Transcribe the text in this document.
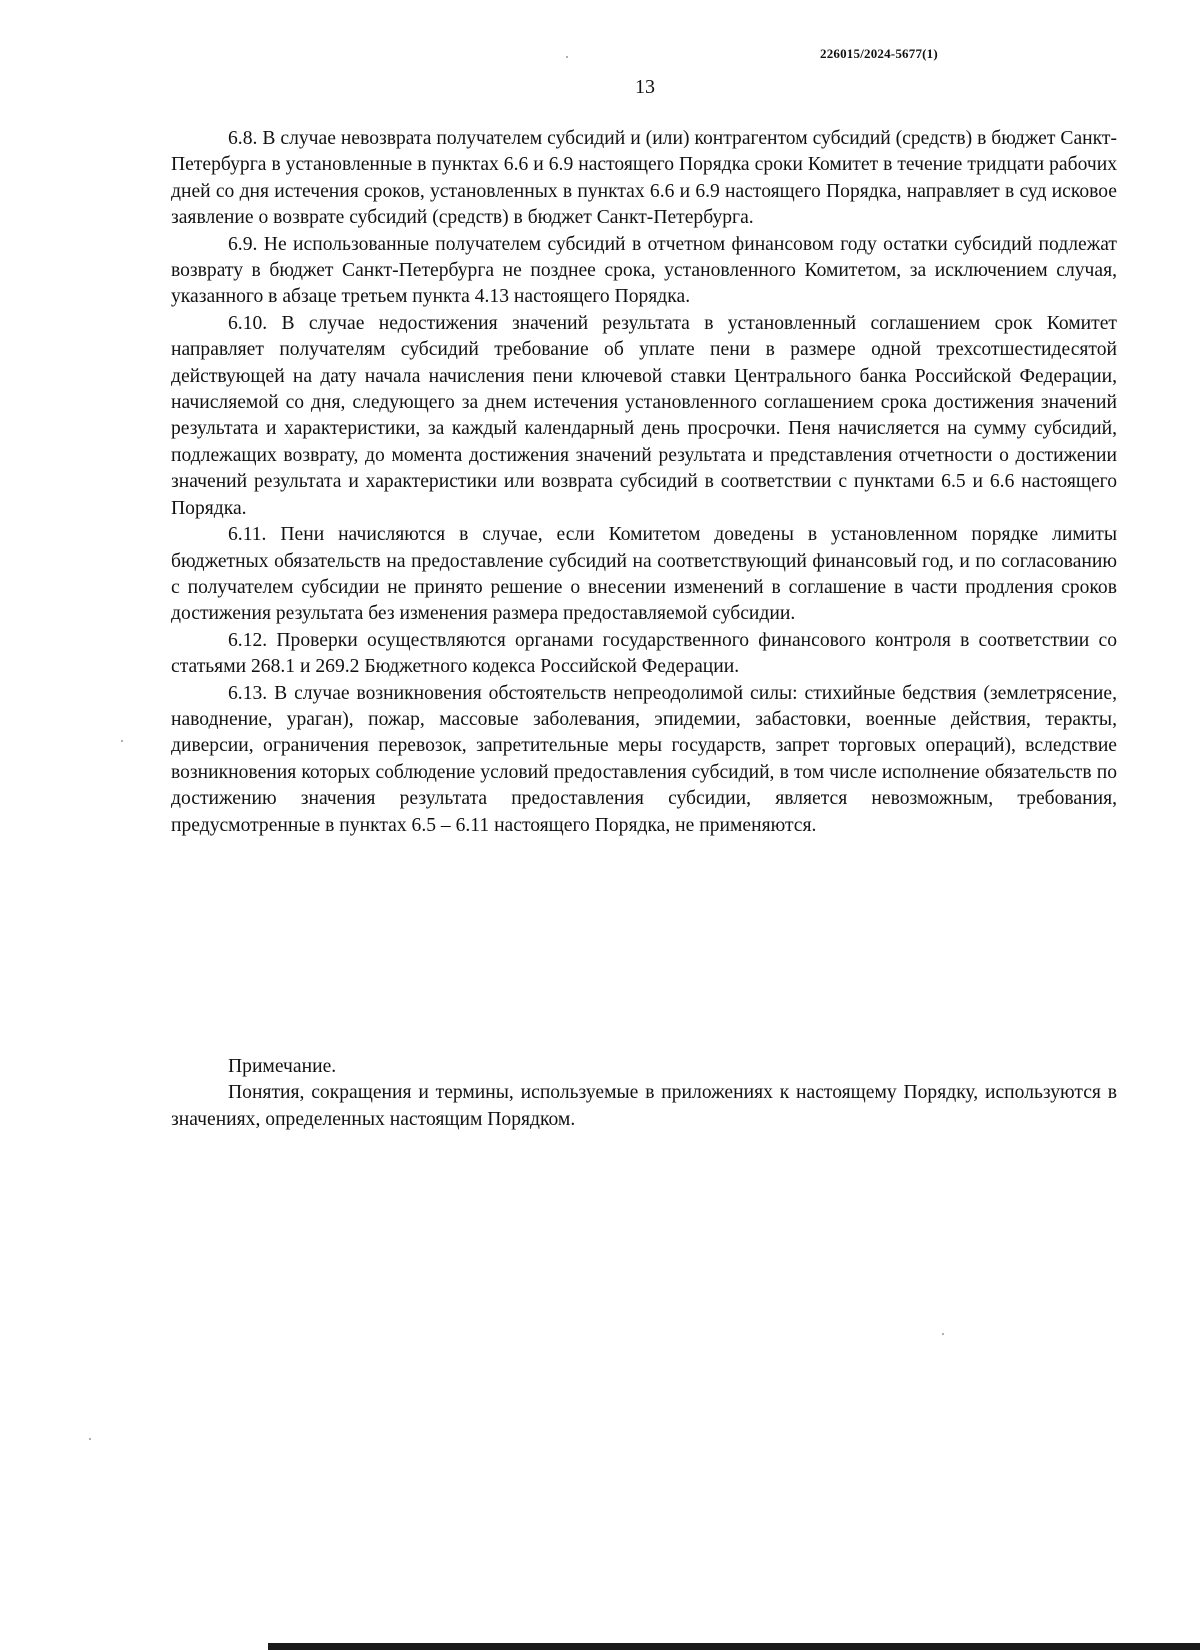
226015/2024-5677(1)
13

6.8. В случае невозврата получателем субсидий и (или) контрагентом субсидий (средств) в бюджет Санкт-Петербурга в установленные в пунктах 6.6 и 6.9 настоящего Порядка сроки Комитет в течение тридцати рабочих дней со дня истечения сроков, установленных в пунктах 6.6 и 6.9 настоящего Порядка, направляет в суд исковое заявление о возврате субсидий (средств) в бюджет Санкт-Петербурга.

6.9. Не использованные получателем субсидий в отчетном финансовом году остатки субсидий подлежат возврату в бюджет Санкт-Петербурга не позднее срока, установленного Комитетом, за исключением случая, указанного в абзаце третьем пункта 4.13 настоящего Порядка.

6.10. В случае недостижения значений результата в установленный соглашением срок Комитет направляет получателям субсидий требование об уплате пени в размере одной трехсотшестидесятой действующей на дату начала начисления пени ключевой ставки Центрального банка Российской Федерации, начисляемой со дня, следующего за днем истечения установленного соглашением срока достижения значений результата и характеристики, за каждый календарный день просрочки. Пеня начисляется на сумму субсидий, подлежащих возврату, до момента достижения значений результата и представления отчетности о достижении значений результата и характеристики или возврата субсидий в соответствии с пунктами 6.5 и 6.6 настоящего Порядка.

6.11. Пени начисляются в случае, если Комитетом доведены в установленном порядке лимиты бюджетных обязательств на предоставление субсидий на соответствующий финансовый год, и по согласованию с получателем субсидии не принято решение о внесении изменений в соглашение в части продления сроков достижения результата без изменения размера предоставляемой субсидии.

6.12. Проверки осуществляются органами государственного финансового контроля в соответствии со статьями 268.1 и 269.2 Бюджетного кодекса Российской Федерации.

6.13. В случае возникновения обстоятельств непреодолимой силы: стихийные бедствия (землетрясение, наводнение, ураган), пожар, массовые заболевания, эпидемии, забастовки, военные действия, теракты, диверсии, ограничения перевозок, запретительные меры государств, запрет торговых операций), вследствие возникновения которых соблюдение условий предоставления субсидий, в том числе исполнение обязательств по достижению значения результата предоставления субсидии, является невозможным, требования, предусмотренные в пунктах 6.5 – 6.11 настоящего Порядка, не применяются.

Примечание.

Понятия, сокращения и термины, используемые в приложениях к настоящему Порядку, используются в значениях, определенных настоящим Порядком.
